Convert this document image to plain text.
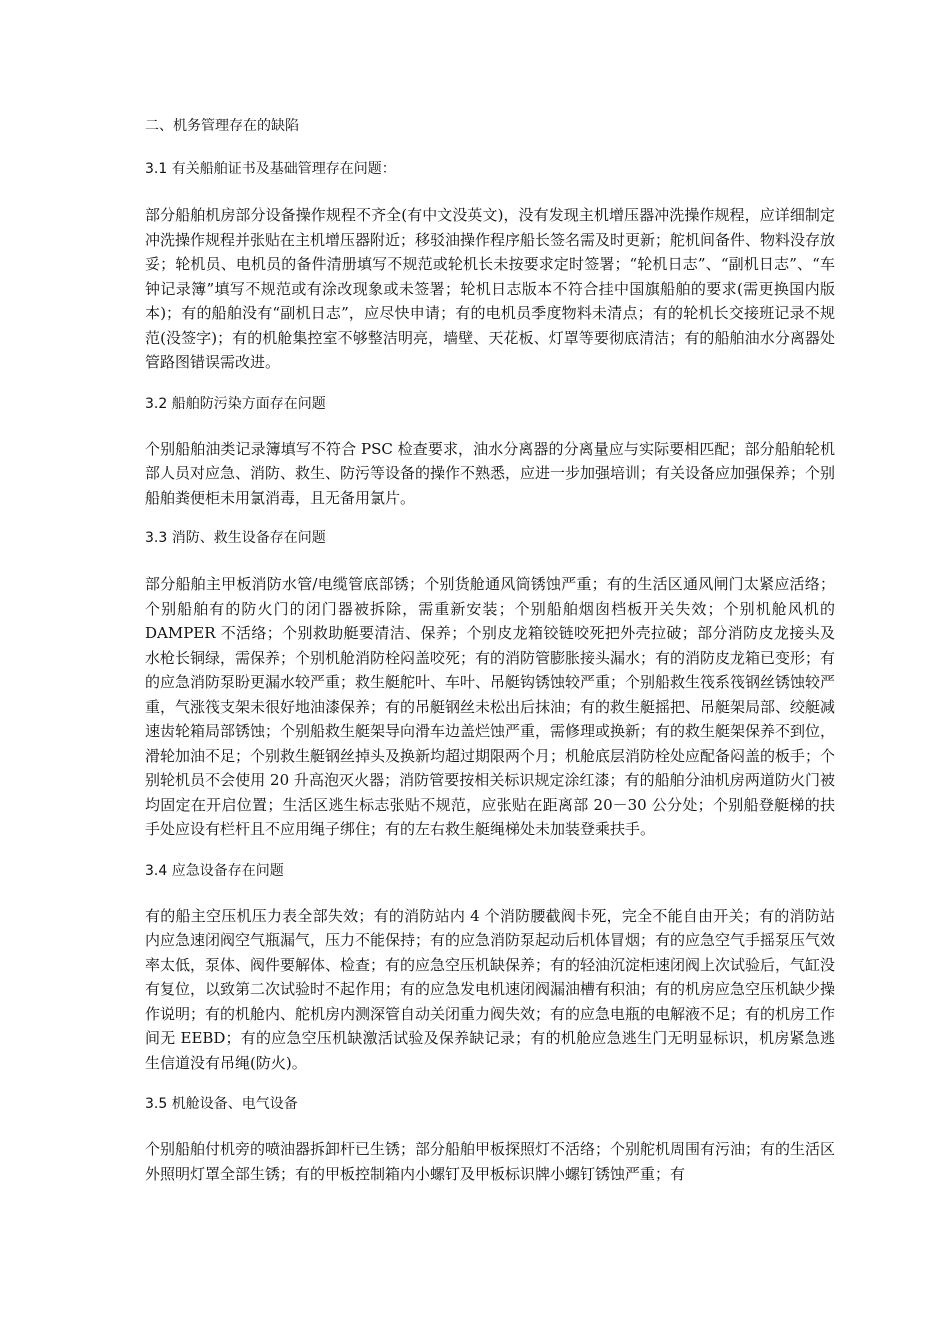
二、机务管理存在的缺陷

3.1 有关船舶证书及基础管理存在问题：

部分船舶机房部分设备操作规程不齐全(有中文没英文)，没有发现主机增压器冲洗操作规程，应详细制定冲洗操作规程并张贴在主机增压器附近；移驳油操作程序船长签名需及时更新；舵机间备件、物料没存放妥；轮机员、电机员的备件清册填写不规范或轮机长未按要求定时签署；“轮机日志”、“副机日志”、“车钟记录簿”填写不规范或有涂改现象或未签署；轮机日志版本不符合挂中国旗船舶的要求(需更换国内版本)；有的船舶没有“副机日志”，应尽快申请；有的电机员季度物料未清点；有的轮机长交接班记录不规范(没签字)；有的机舱集控室不够整洁明亮，墙壁、天花板、灯罩等要彻底清洁；有的船舶油水分离器处管路图错误需改进。

3.2 船舶防污染方面存在问题

个别船舶油类记录簿填写不符合 PSC 检查要求，油水分离器的分离量应与实际要相匹配；部分船舶轮机部人员对应急、消防、救生、防污等设备的操作不熟悉，应进一步加强培训；有关设备应加强保养；个别船舶粪便柜未用氯消毒，且无备用氯片。

3.3 消防、救生设备存在问题

部分船舶主甲板消防水管/电缆管底部锈；个别货舱通风筒锈蚀严重；有的生活区通风闸门太紧应活络；个别船舶有的防火门的闭门器被拆除，需重新安装；个别船舶烟囱档板开关失效；个别机舱风机的 DAMPER 不活络；个别救助艇要清洁、保养；个别皮龙箱铰链咬死把外壳拉破；部分消防皮龙接头及水枪长铜绿，需保养；个别机舱消防栓闷盖咬死；有的消防管膨胀接头漏水；有的消防皮龙箱已变形；有的应急消防泵盼更漏水较严重；救生艇舵叶、车叶、吊艇钩锈蚀较严重；个别船救生筏系筏钢丝锈蚀较严重，气涨筏支架未很好地油漆保养；有的吊艇钢丝未松出后抹油；有的救生艇摇把、吊艇架局部、绞艇减速齿轮箱局部锈蚀；个别船救生艇架导向滑车边盖烂蚀严重，需修理或换新；有的救生艇架保养不到位，滑轮加油不足；个别救生艇钢丝掉头及换新均超过期限两个月；机舱底层消防栓处应配备闷盖的板手；个别轮机员不会使用 20 升高泡灭火器；消防管要按相关标识规定涂红漆；有的船舶分油机房两道防火门被均固定在开启位置；生活区逃生标志张贴不规范，应张贴在距离部 20－30 公分处；个别船登艇梯的扶手处应设有栏杆且不应用绳子绑住；有的左右救生艇绳梯处未加装登乘扶手。

3.4 应急设备存在问题

有的船主空压机压力表全部失效；有的消防站内 4 个消防腰截阀卡死，完全不能自由开关；有的消防站内应急速闭阀空气瓶漏气，压力不能保持；有的应急消防泵起动后机体冒烟；有的应急空气手摇泵压气效率太低，泵体、阀件要解体、检查；有的应急空压机缺保养；有的轻油沉淀柜速闭阀上次试验后，气缸没有复位，以致第二次试验时不起作用；有的应急发电机速闭阀漏油槽有积油；有的机房应急空压机缺少操作说明；有的机舱内、舵机房内测深管自动关闭重力阀失效；有的应急电瓶的电解液不足；有的机房工作间无 EEBD；有的应急空压机缺激活试验及保养缺记录；有的机舱应急逃生门无明显标识，机房紧急逃生信道没有吊绳(防火)。

3.5 机舱设备、电气设备

个别船舶付机旁的喷油器拆卸杆已生锈；部分船舶甲板探照灯不活络；个别舵机周围有污油；有的生活区外照明灯罩全部生锈；有的甲板控制箱内小螺钉及甲板标识牌小螺钉锈蚀严重；有
